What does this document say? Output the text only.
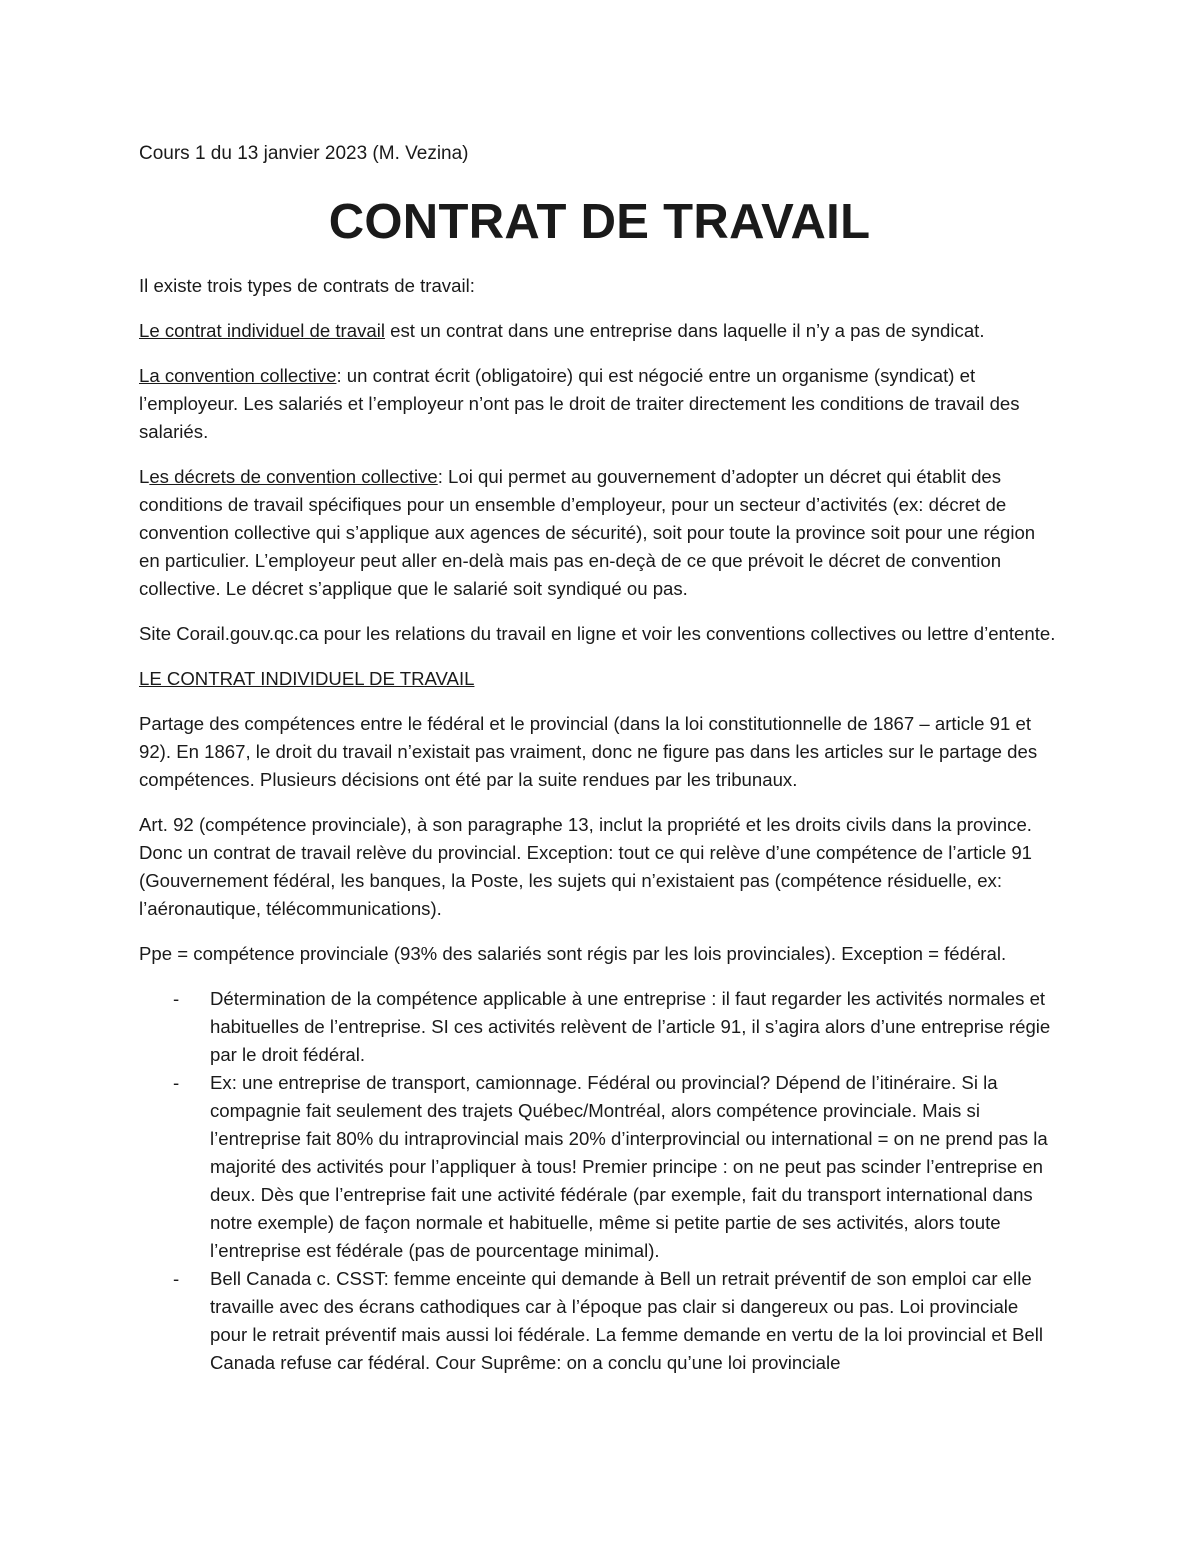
Cours 1 du 13 janvier 2023 (M. Vezina)
CONTRAT DE TRAVAIL

Il existe trois types de contrats de travail:

Le contrat individuel de travail est un contrat dans une entreprise dans laquelle il n’y a pas de syndicat.

La convention collective: un contrat écrit (obligatoire) qui est négocié entre un organisme (syndicat) et l’employeur. Les salariés et l’employeur n’ont pas le droit de traiter directement les conditions de travail des salariés.

Les décrets de convention collective: Loi qui permet au gouvernement d’adopter un décret qui établit des conditions de travail spécifiques pour un ensemble d’employeur, pour un secteur d’activités (ex: décret de convention collective qui s’applique aux agences de sécurité), soit pour toute la province soit pour une région en particulier. L’employeur peut aller en-delà mais pas en-deçà de ce que prévoit le décret de convention collective. Le décret s’applique que le salarié soit syndiqué ou pas.

Site Corail.gouv.qc.ca pour les relations du travail en ligne et voir les conventions collectives ou lettre d’entente.

LE CONTRAT INDIVIDUEL DE TRAVAIL

Partage des compétences entre le fédéral et le provincial (dans la loi constitutionnelle de 1867 – article 91 et 92). En 1867, le droit du travail n’existait pas vraiment, donc ne figure pas dans les articles sur le partage des compétences. Plusieurs décisions ont été par la suite rendues par les tribunaux.

Art. 92 (compétence provinciale), à son paragraphe 13, inclut la propriété et les droits civils dans la province. Donc un contrat de travail relève du provincial. Exception: tout ce qui relève d’une compétence de l’article 91 (Gouvernement fédéral, les banques, la Poste, les sujets qui n’existaient pas (compétence résiduelle, ex: l’aéronautique, télécommunications).

Ppe = compétence provinciale (93% des salariés sont régis par les lois provinciales). Exception = fédéral.

- Détermination de la compétence applicable à une entreprise : il faut regarder les activités normales et habituelles de l’entreprise. SI ces activités relèvent de l’article 91, il s’agira alors d’une entreprise régie par le droit fédéral.
- Ex: une entreprise de transport, camionnage. Fédéral ou provincial? Dépend de l’itinéraire. Si la compagnie fait seulement des trajets Québec/Montréal, alors compétence provinciale. Mais si l’entreprise fait 80% du intraprovincial mais 20% d’interprovincial ou international = on ne prend pas la majorité des activités pour l’appliquer à tous! Premier principe : on ne peut pas scinder l’entreprise en deux. Dès que l’entreprise fait une activité fédérale (par exemple, fait du transport international dans notre exemple) de façon normale et habituelle, même si petite partie de ses activités, alors toute l’entreprise est fédérale (pas de pourcentage minimal).
- Bell Canada c. CSST: femme enceinte qui demande à Bell un retrait préventif de son emploi car elle travaille avec des écrans cathodiques car à l’époque pas clair si dangereux ou pas. Loi provinciale pour le retrait préventif mais aussi loi fédérale. La femme demande en vertu de la loi provincial et Bell Canada refuse car fédéral. Cour Suprême: on a conclu qu’une loi provinciale
